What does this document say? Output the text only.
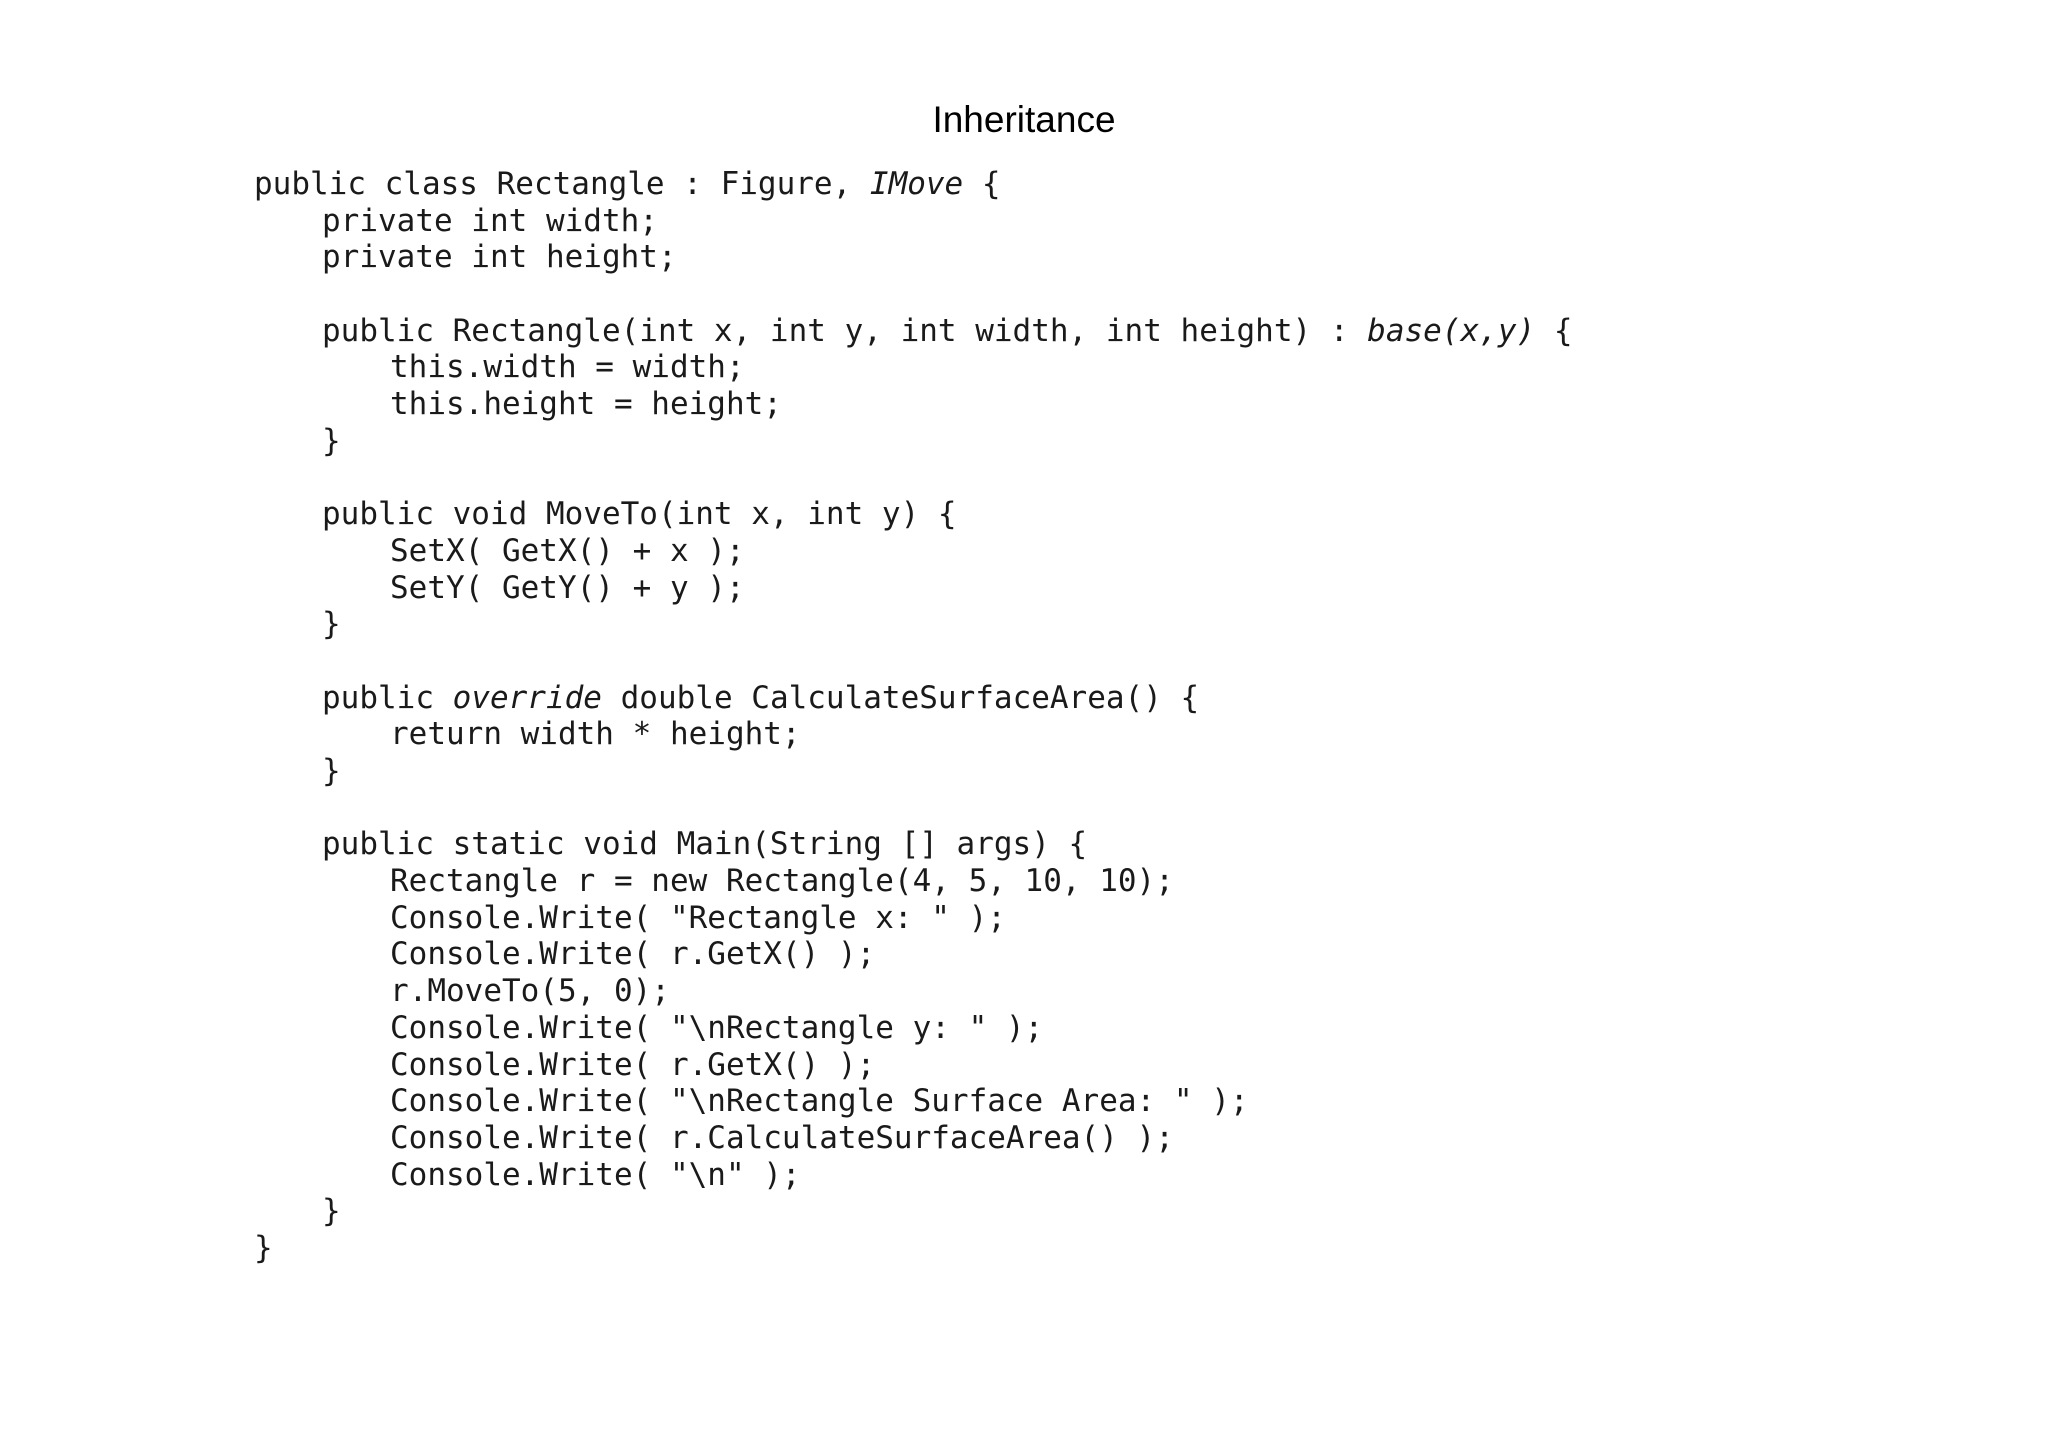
Inheritance
public class Rectangle : Figure, IMove {
private int width;
private int height;
public Rectangle(int x, int y, int width, int height) : base(x,y) {
this.width = width;
this.height = height;
}
public void MoveTo(int x, int y) {
SetX( GetX() + x );
SetY( GetY() + y );
}
public override double CalculateSurfaceArea() {
return width * height;
}
public static void Main(String [] args) {
Rectangle r = new Rectangle(4, 5, 10, 10);
Console.Write( "Rectangle x: " );
Console.Write( r.GetX() );
r.MoveTo(5, 0);
Console.Write( "\nRectangle y: " );
Console.Write( r.GetX() );
Console.Write( "\nRectangle Surface Area: " );
Console.Write( r.CalculateSurfaceArea() );
Console.Write( "\n" );
}
}
